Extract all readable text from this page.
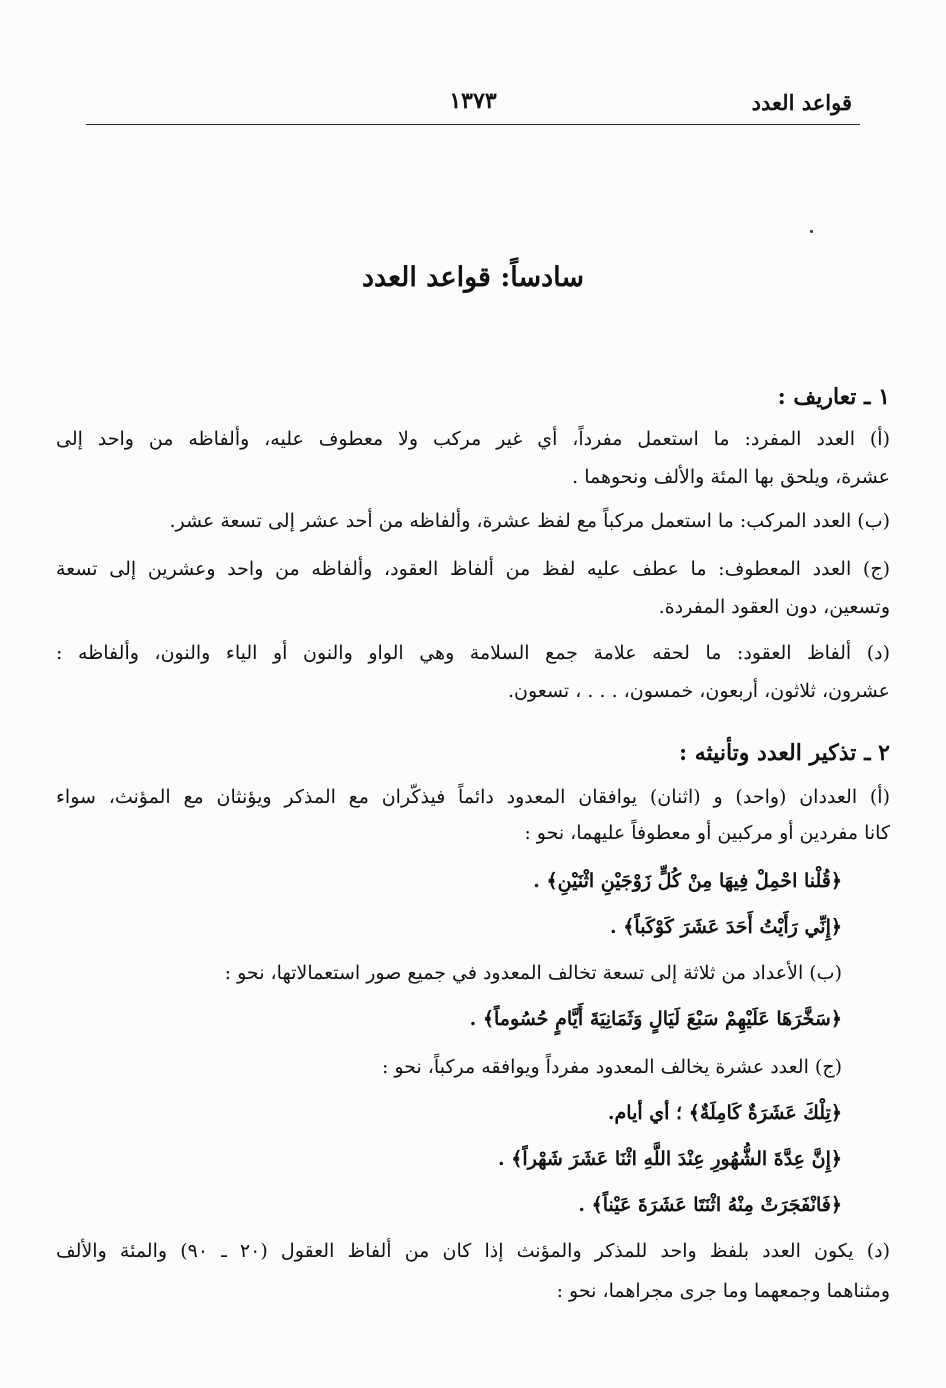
قواعد العدد
١٣٧٣
سادساً: قواعد العدد
١ ـ تعاريف :
(أ) العدد المفرد: ما استعمل مفرداً، أي غير مركب ولا معطوف عليه، وألفاظه من واحد إلى
عشرة، ويلحق بها المئة والألف ونحوهما .
(ب) العدد المركب: ما استعمل مركباً مع لفظ عشرة، وألفاظه من أحد عشر إلى تسعة عشر.
(ج) العدد المعطوف: ما عطف عليه لفظ من ألفاظ العقود، وألفاظه من واحد وعشرين إلى تسعة
وتسعين، دون العقود المفردة.
(د) ألفاظ العقود: ما لحقه علامة جمع السلامة وهي الواو والنون أو الياء والنون، وألفاظه :
عشرون، ثلاثون، أربعون، خمسون، . . . ، تسعون.
٢ ـ تذكير العدد وتأنيثه :
(أ) العددان (واحد) و (اثنان) يوافقان المعدود دائماً فيذكّران مع المذكر ويؤنثان مع المؤنث، سواء
كانا مفردين أو مركبين أو معطوفاً عليهما، نحو :
﴿قُلْنا احْمِلْ فِيهَا مِنْ كُلٍّ زَوْجَيْنِ اثْنَيْنِ﴾ .
﴿إِنِّي رَأَيْتُ أَحَدَ عَشَرَ كَوْكَباً﴾ .
(ب) الأعداد من ثلاثة إلى تسعة تخالف المعدود في جميع صور استعمالاتها، نحو :
﴿سَخَّرَهَا عَلَيْهِمْ سَبْعَ لَيَالٍ وَثَمَانِيَةَ أَيَّامٍ حُسُوماً﴾ .
(ج) العدد عشرة يخالف المعدود مفرداً ويوافقه مركباً، نحو :
﴿تِلْكَ عَشَرَةٌ كَامِلَةٌ﴾ ؛ أي أيام.
﴿إِنَّ عِدَّةَ الشُّهُورِ عِنْدَ اللَّهِ اثْنَا عَشَرَ شَهْراً﴾ .
﴿فَانْفَجَرَتْ مِنْهُ اثْنَتَا عَشَرَةَ عَيْناً﴾ .
(د) يكون العدد بلفظ واحد للمذكر والمؤنث إذا كان من ألفاظ العقول (٢٠ ـ ٩٠) والمئة والألف
ومثناهما وجمعهما وما جرى مجراهما، نحو :
